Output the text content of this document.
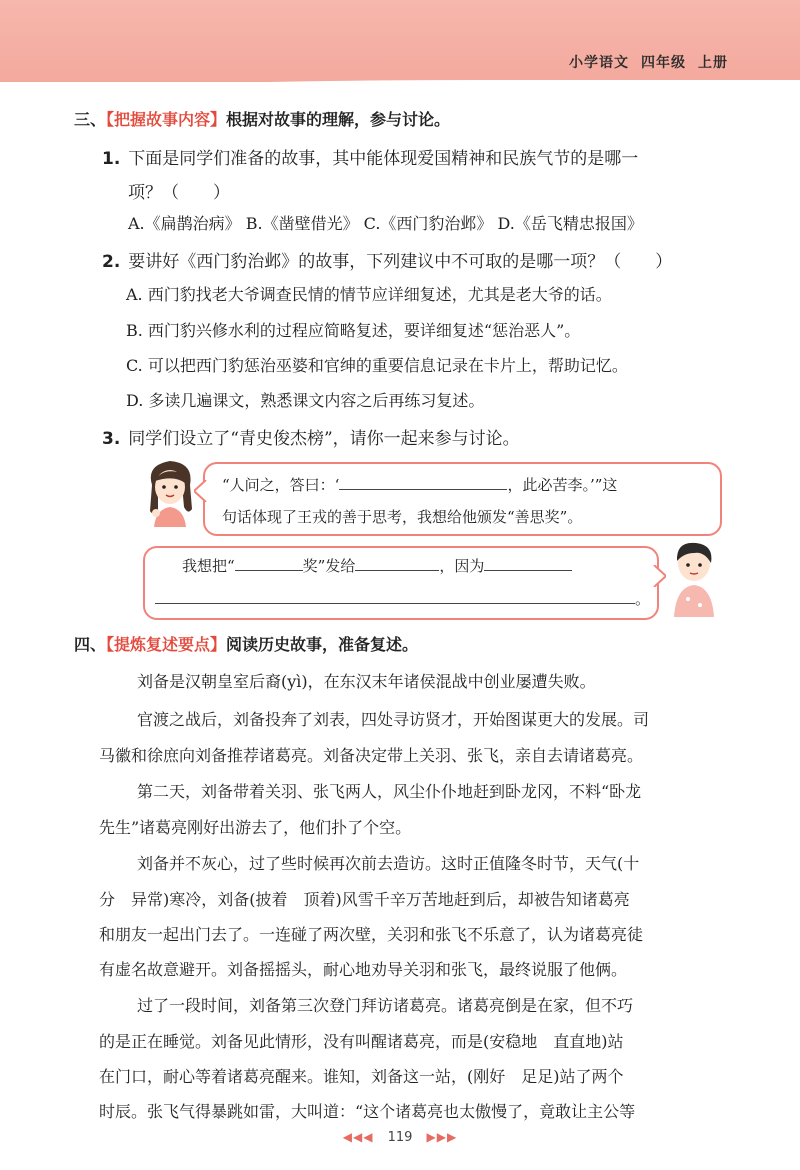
小学语文 四年级 上册
三、【把握故事内容】根据对故事的理解，参与讨论。
1. 下面是同学们准备的故事，其中能体现爱国精神和民族气节的是哪一
项？（　　）
A.《扁鹊治病》 B.《凿壁借光》 C.《西门豹治邺》 D.《岳飞精忠报国》
2. 要讲好《西门豹治邺》的故事，下列建议中不可取的是哪一项？（　　）
A. 西门豹找老大爷调查民情的情节应详细复述，尤其是老大爷的话。
B. 西门豹兴修水利的过程应简略复述，要详细复述“惩治恶人”。
C. 可以把西门豹惩治巫婆和官绅的重要信息记录在卡片上，帮助记忆。
D. 多读几遍课文，熟悉课文内容之后再练习复述。
3. 同学们设立了“青史俊杰榜”，请你一起来参与讨论。
“人问之，答曰：‘	，此必苦李。’”这
句话体现了王戎的善于思考，我想给他颁发“善思奖”。
我想把“	奖”发给	，因为
。
四、【提炼复述要点】阅读历史故事，准备复述。
刘备是汉朝皇室后裔(yì)，在东汉末年诸侯混战中创业屡遭失败。
官渡之战后，刘备投奔了刘表，四处寻访贤才，开始图谋更大的发展。司
马徽和徐庶向刘备推荐诸葛亮。刘备决定带上关羽、张飞，亲自去请诸葛亮。
第二天，刘备带着关羽、张飞两人，风尘仆仆地赶到卧龙冈，不料“卧龙
先生”诸葛亮刚好出游去了，他们扑了个空。
刘备并不灰心，过了些时候再次前去造访。这时正值隆冬时节，天气(十
分　异常)寒冷，刘备(披着　顶着)风雪千辛万苦地赶到后，却被告知诸葛亮
和朋友一起出门去了。一连碰了两次壁，关羽和张飞不乐意了，认为诸葛亮徒
有虚名故意避开。刘备摇摇头，耐心地劝导关羽和张飞，最终说服了他俩。
过了一段时间，刘备第三次登门拜访诸葛亮。诸葛亮倒是在家，但不巧
的是正在睡觉。刘备见此情形，没有叫醒诸葛亮，而是(安稳地　直直地)站
在门口，耐心等着诸葛亮醒来。谁知，刘备这一站，(刚好　足足)站了两个
时辰。张飞气得暴跳如雷，大叫道：“这个诸葛亮也太傲慢了，竟敢让主公等
◀◀◀ 119 ▶▶▶
